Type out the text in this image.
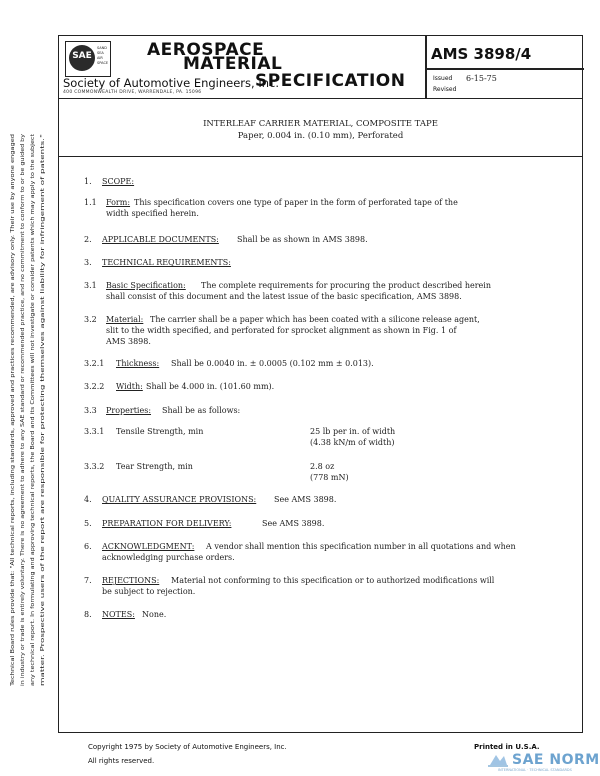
SAE
SAND
SEA
AIR
SPACE
AEROSPACE
MATERIAL
SPECIFICATION
Society of Automotive Engineers, Inc.
400 COMMONWEALTH DRIVE, WARRENDALE, PA. 15096
AMS 3898/4
Issued 6-15-75
Revised
INTERLEAF CARRIER MATERIAL, COMPOSITE TAPE
Paper, 0.004 in. (0.10 mm), Perforated
1. SCOPE:
1.1 Form: This specification covers one type of paper in the form of perforated tape of the
width specified herein.
2. APPLICABLE DOCUMENTS: Shall be as shown in AMS 3898.
3. TECHNICAL REQUIREMENTS:
3.1 Basic Specification: The complete requirements for procuring the product described herein
shall consist of this document and the latest issue of the basic specification, AMS 3898.
3.2 Material: The carrier shall be a paper which has been coated with a silicone release agent,
slit to the width specified, and perforated for sprocket alignment as shown in Fig. 1 of
AMS 3898.
3.2.1 Thickness: Shall be 0.0040 in. ± 0.0005 (0.102 mm ± 0.013).
3.2.2 Width: Shall be 4.000 in. (101.60 mm).
3.3 Properties: Shall be as follows:
3.3.1 Tensile Strength, min	25 lb per in. of width
(4.38 kN/m of width)
3.3.2 Tear Strength, min	2.8 oz
(778 mN)
4. QUALITY ASSURANCE PROVISIONS: See AMS 3898.
5. PREPARATION FOR DELIVERY:	See AMS 3898.
6. ACKNOWLEDGMENT: A vendor shall mention this specification number in all quotations and when
acknowledging purchase orders.
7. REJECTIONS: Material not conforming to this specification or to authorized modifications will
be subject to rejection.
8. NOTES: None.
Technical Board rules provide that: "All technical reports, including standards, approved and practices recommended, are advisory only. Their use by anyone engaged in industry or trade is entirely voluntary. There is no agreement to adhere to any SAE standard or recommended practice, and no commitment to conform to or be guided by any technical report. In formulating and approving technical reports, the Board and its Committees will not investigate or consider patents which may apply to the subject matter. Prospective users of the report are responsible for protecting themselves against liability for infringement of patents."
Copyright 1975 by Society of Automotive Engineers, Inc.
All rights reserved.
Printed in U.S.A.
SAE NORM
INTERNATIONAL · TECHNICAL STANDARDS
